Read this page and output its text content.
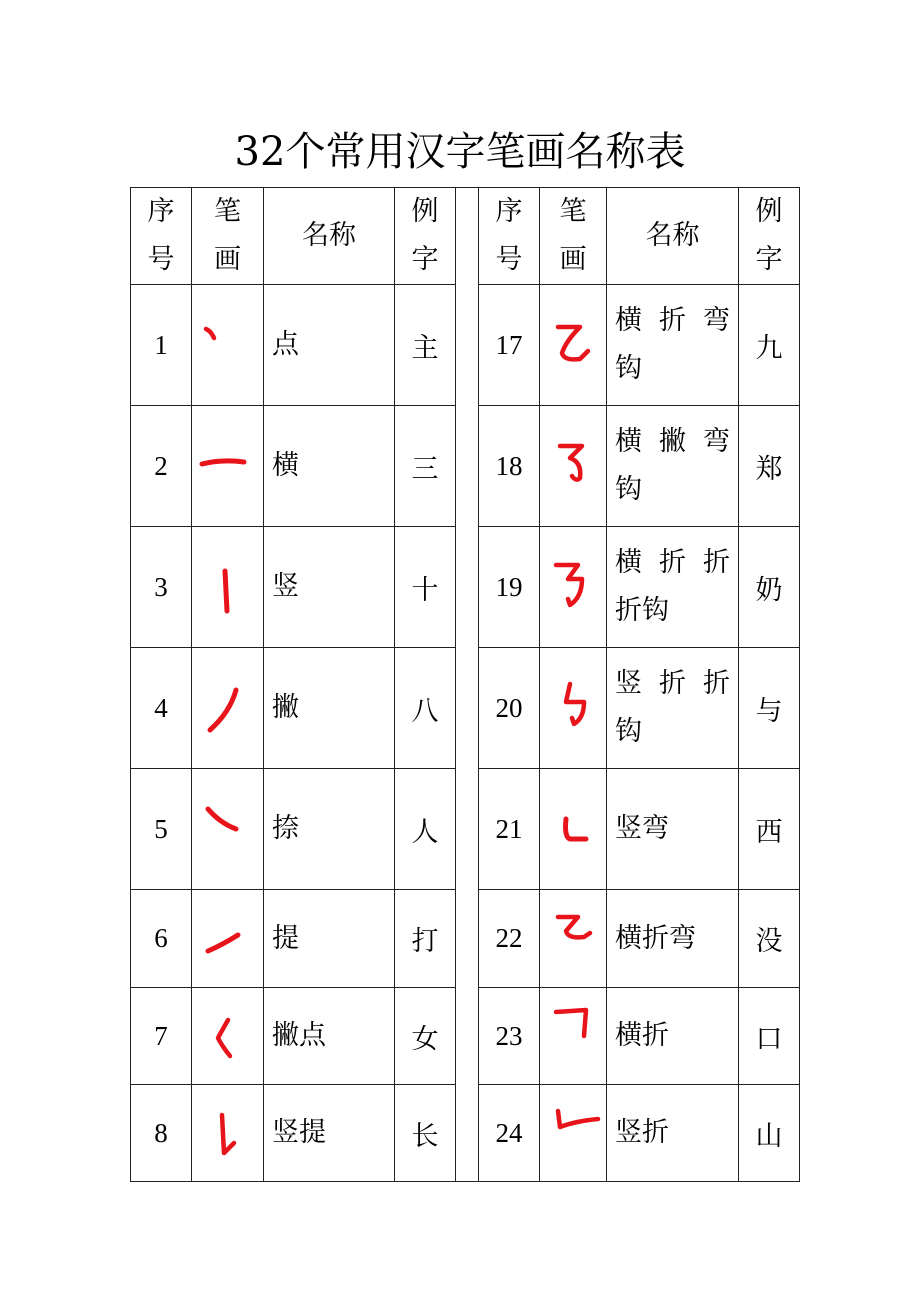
32个常用汉字笔画名称表
序号	笔画	名称	例字		序号	笔画	名称	例字
1		点	主		17		横 折 弯钩	九
2		横	三		18		横 撇 弯钩	郑
3		竖	十		19		横 折 折折钩	奶
4		撇	八		20		竖 折 折钩	与
5		捺	人		21		竖弯	西
6		提	打		22		横折弯	没
7		撇点	女		23		横折	口
8		竖提	长		24		竖折	山
